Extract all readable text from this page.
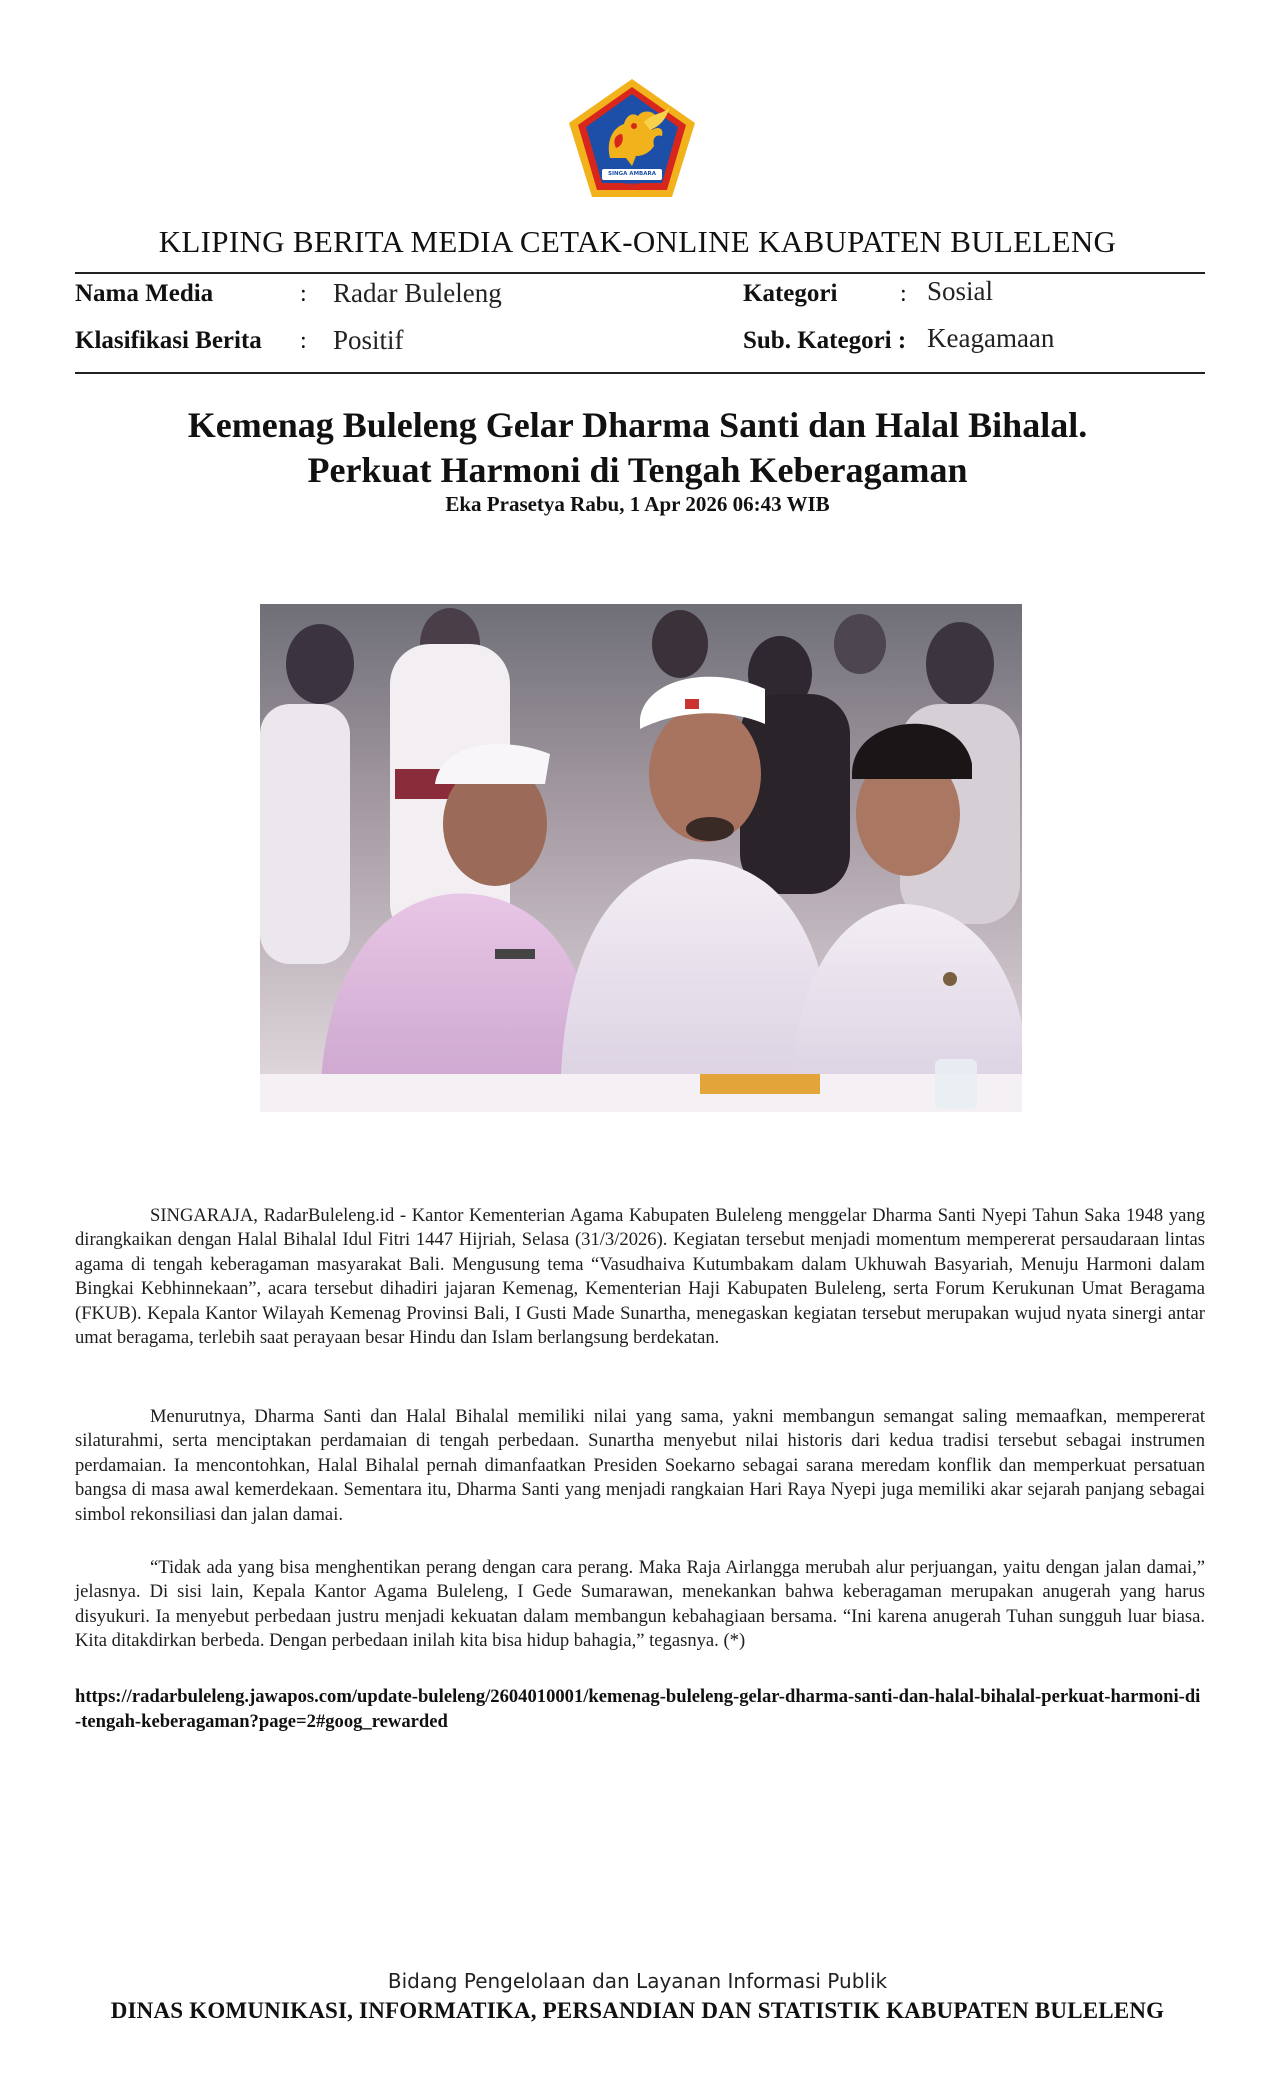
SINGA AMBARA RAJA
KLIPING BERITA MEDIA CETAK-ONLINE KABUPATEN BULELENG
Nama Media	: Radar Buleleng	Kategori	: Sosial
Klasifikasi Berita : Positif	Sub. Kategori : Keagamaan
Kemenag Buleleng Gelar Dharma Santi dan Halal Bihalal.
Perkuat Harmoni di Tengah Keberagaman
Eka Prasetya Rabu, 1 Apr 2026 06:43 WIB
SINGARAJA, RadarBuleleng.id - Kantor Kementerian Agama Kabupaten Buleleng menggelar Dharma Santi Nyepi Tahun Saka 1948 yang dirangkaikan dengan Halal Bihalal Idul Fitri 1447 Hijriah, Selasa (31/3/2026). Kegiatan tersebut menjadi momentum mempererat persaudaraan lintas agama di tengah keberagaman masyarakat Bali. Mengusung tema “Vasudhaiva Kutumbakam dalam Ukhuwah Basyariah, Menuju Harmoni dalam Bingkai Kebhinnekaan”, acara tersebut dihadiri jajaran Kemenag, Kementerian Haji Kabupaten Buleleng, serta Forum Kerukunan Umat Beragama (FKUB). Kepala Kantor Wilayah Kemenag Provinsi Bali, I Gusti Made Sunartha, menegaskan kegiatan tersebut merupakan wujud nyata sinergi antar umat beragama, terlebih saat perayaan besar Hindu dan Islam berlangsung berdekatan.
Menurutnya, Dharma Santi dan Halal Bihalal memiliki nilai yang sama, yakni membangun semangat saling memaafkan, mempererat silaturahmi, serta menciptakan perdamaian di tengah perbedaan. Sunartha menyebut nilai historis dari kedua tradisi tersebut sebagai instrumen perdamaian. Ia mencontohkan, Halal Bihalal pernah dimanfaatkan Presiden Soekarno sebagai sarana meredam konflik dan memperkuat persatuan bangsa di masa awal kemerdekaan. Sementara itu, Dharma Santi yang menjadi rangkaian Hari Raya Nyepi juga memiliki akar sejarah panjang sebagai simbol rekonsiliasi dan jalan damai.
“Tidak ada yang bisa menghentikan perang dengan cara perang. Maka Raja Airlangga merubah alur perjuangan, yaitu dengan jalan damai,” jelasnya. Di sisi lain, Kepala Kantor Agama Buleleng, I Gede Sumarawan, menekankan bahwa keberagaman merupakan anugerah yang harus disyukuri. Ia menyebut perbedaan justru menjadi kekuatan dalam membangun kebahagiaan bersama. “Ini karena anugerah Tuhan sungguh luar biasa. Kita ditakdirkan berbeda. Dengan perbedaan inilah kita bisa hidup bahagia,” tegasnya. (*)
https://radarbuleleng.jawapos.com/update-buleleng/2604010001/kemenag-buleleng-gelar-dharma-santi-dan-halal-bihalal-perkuat-harmoni-di-tengah-keberagaman?page=2#goog_rewarded
Bidang Pengelolaan dan Layanan Informasi Publik
DINAS KOMUNIKASI, INFORMATIKA, PERSANDIAN DAN STATISTIK KABUPATEN BULELENG
